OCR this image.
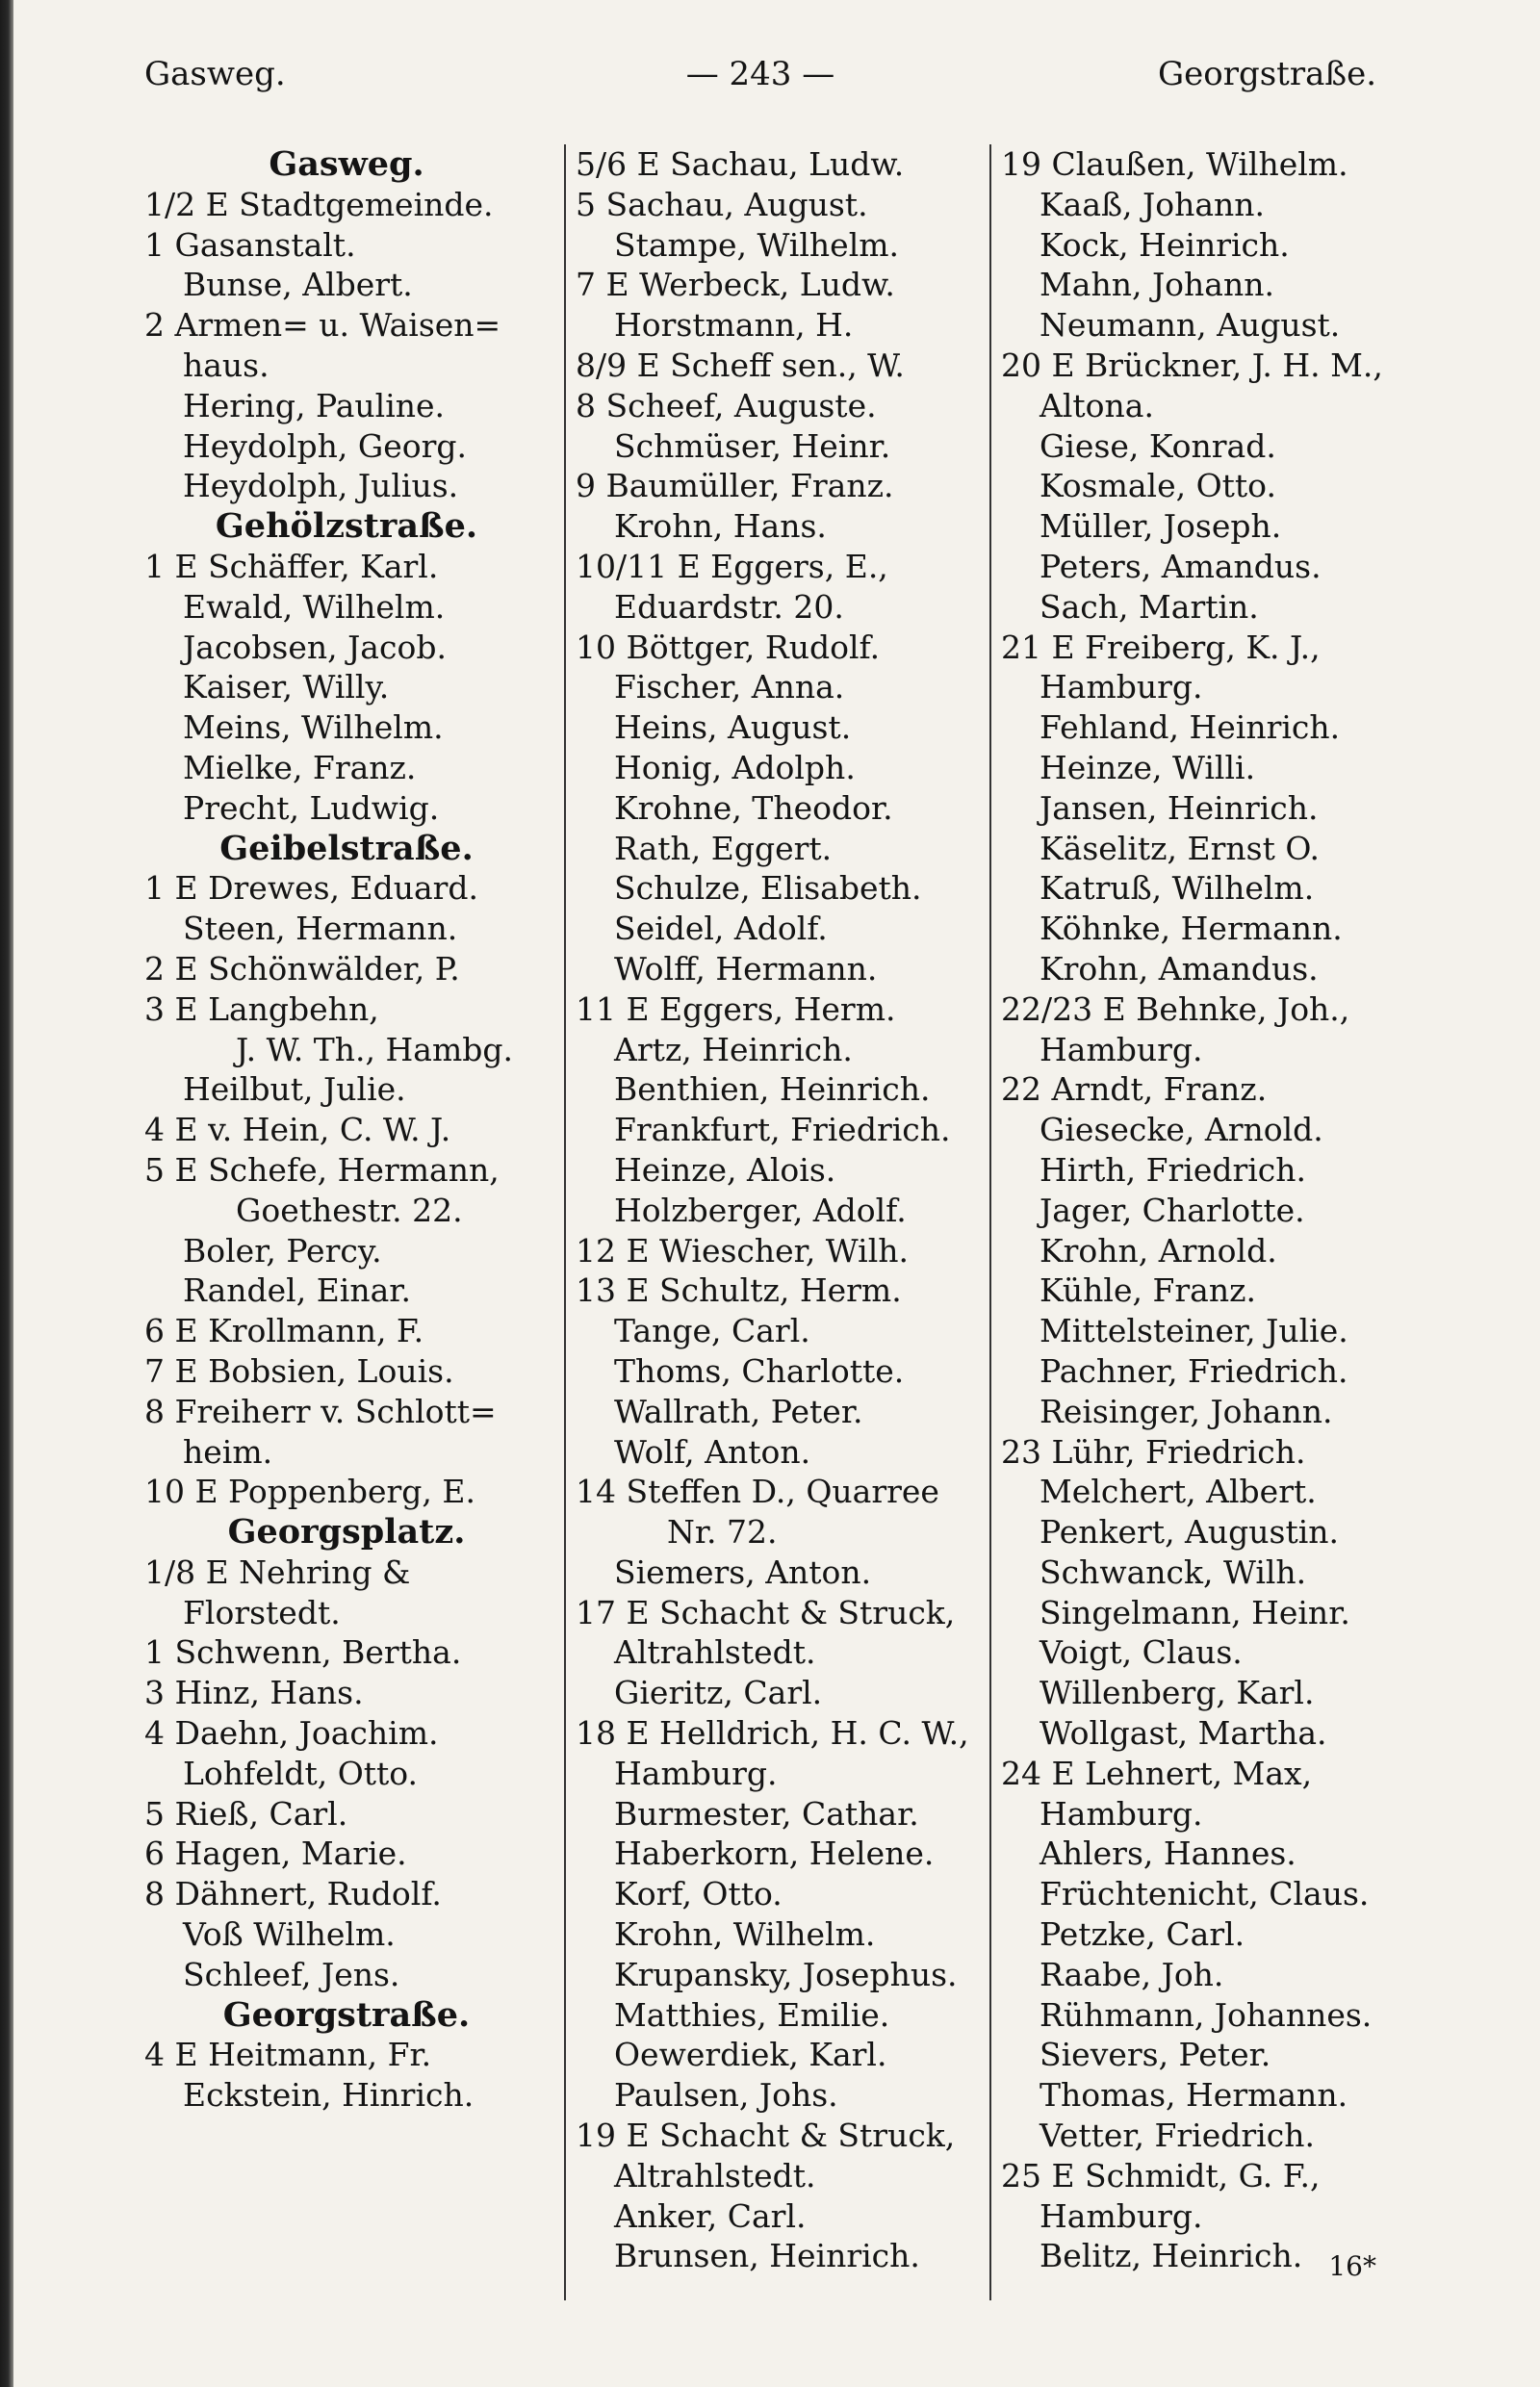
Gasweg.	— 243 —	Georgstraße.
Gasweg.
1/2 E Stadtgemeinde.
1 Gasanstalt.
Bunse, Albert.
2 Armen= u. Waisen=
haus.
Hering, Pauline.
Heydolph, Georg.
Heydolph, Julius.
Gehölzstraße.
1 E Schäffer, Karl.
Ewald, Wilhelm.
Jacobsen, Jacob.
Kaiser, Willy.
Meins, Wilhelm.
Mielke, Franz.
Precht, Ludwig.
Geibelstraße.
1 E Drewes, Eduard.
Steen, Hermann.
2 E Schönwälder, P.
3 E Langbehn,
J. W. Th., Hambg.
Heilbut, Julie.
4 E v. Hein, C. W. J.
5 E Schefe, Hermann,
Goethestr. 22.
Boler, Percy.
Randel, Einar.
6 E Krollmann, F.
7 E Bobsien, Louis.
8 Freiherr v. Schlott=
heim.
10 E Poppenberg, E.
Georgsplatz.
1/8 E Nehring &
Florstedt.
1 Schwenn, Bertha.
3 Hinz, Hans.
4 Daehn, Joachim.
Lohfeldt, Otto.
5 Rieß, Carl.
6 Hagen, Marie.
8 Dähnert, Rudolf.
Voß Wilhelm.
Schleef, Jens.
Georgstraße.
4 E Heitmann, Fr.
Eckstein, Hinrich.
5/6 E Sachau, Ludw.
5 Sachau, August.
Stampe, Wilhelm.
7 E Werbeck, Ludw.
Horstmann, H.
8/9 E Scheff sen., W.
8 Scheef, Auguste.
Schmüser, Heinr.
9 Baumüller, Franz.
Krohn, Hans.
10/11 E Eggers, E.,
Eduardstr. 20.
10 Böttger, Rudolf.
Fischer, Anna.
Heins, August.
Honig, Adolph.
Krohne, Theodor.
Rath, Eggert.
Schulze, Elisabeth.
Seidel, Adolf.
Wolff, Hermann.
11 E Eggers, Herm.
Artz, Heinrich.
Benthien, Heinrich.
Frankfurt, Friedrich.
Heinze, Alois.
Holzberger, Adolf.
12 E Wiescher, Wilh.
13 E Schultz, Herm.
Tange, Carl.
Thoms, Charlotte.
Wallrath, Peter.
Wolf, Anton.
14 Steffen D., Quarree
Nr. 72.
Siemers, Anton.
17 E Schacht & Struck,
Altrahlstedt.
Gieritz, Carl.
18 E Helldrich, H. C. W.,
Hamburg.
Burmester, Cathar.
Haberkorn, Helene.
Korf, Otto.
Krohn, Wilhelm.
Krupansky, Josephus.
Matthies, Emilie.
Oewerdiek, Karl.
Paulsen, Johs.
19 E Schacht & Struck,
Altrahlstedt.
Anker, Carl.
Brunsen, Heinrich.
19 Claußen, Wilhelm.
Kaaß, Johann.
Kock, Heinrich.
Mahn, Johann.
Neumann, August.
20 E Brückner, J. H. M.,
Altona.
Giese, Konrad.
Kosmale, Otto.
Müller, Joseph.
Peters, Amandus.
Sach, Martin.
21 E Freiberg, K. J.,
Hamburg.
Fehland, Heinrich.
Heinze, Willi.
Jansen, Heinrich.
Käselitz, Ernst O.
Katruß, Wilhelm.
Köhnke, Hermann.
Krohn, Amandus.
22/23 E Behnke, Joh.,
Hamburg.
22 Arndt, Franz.
Giesecke, Arnold.
Hirth, Friedrich.
Jager, Charlotte.
Krohn, Arnold.
Kühle, Franz.
Mittelsteiner, Julie.
Pachner, Friedrich.
Reisinger, Johann.
23 Lühr, Friedrich.
Melchert, Albert.
Penkert, Augustin.
Schwanck, Wilh.
Singelmann, Heinr.
Voigt, Claus.
Willenberg, Karl.
Wollgast, Martha.
24 E Lehnert, Max,
Hamburg.
Ahlers, Hannes.
Früchtenicht, Claus.
Petzke, Carl.
Raabe, Joh.
Rühmann, Johannes.
Sievers, Peter.
Thomas, Hermann.
Vetter, Friedrich.
25 E Schmidt, G. F.,
Hamburg.
Belitz, Heinrich. 16*
